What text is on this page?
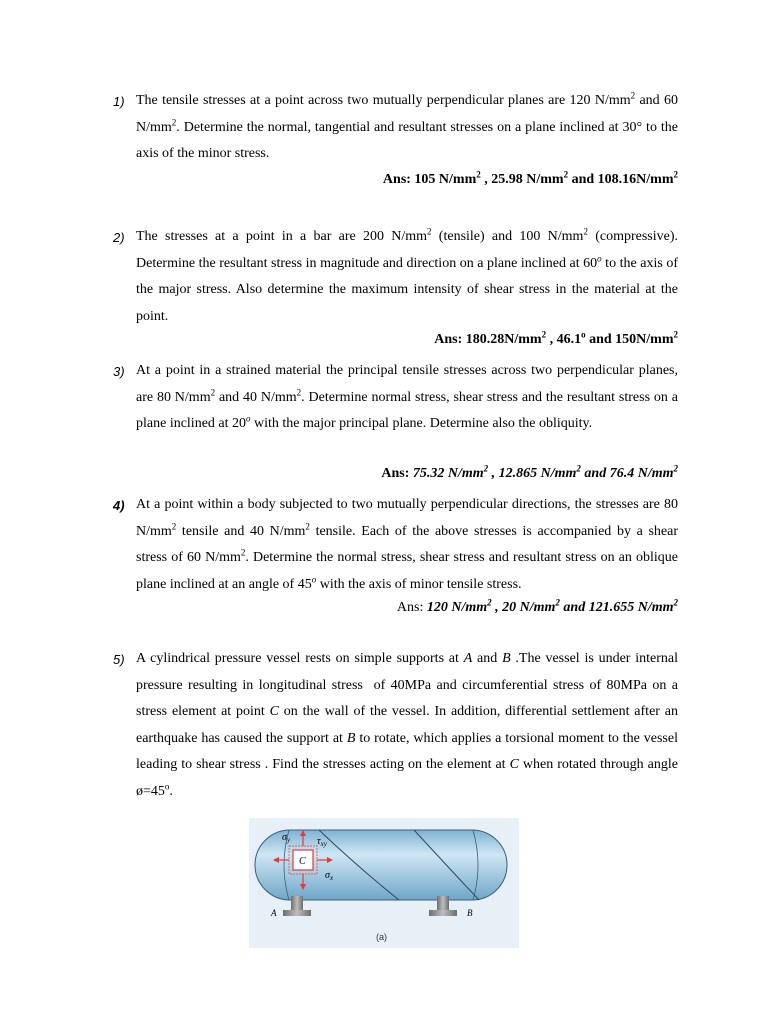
1) The tensile stresses at a point across two mutually perpendicular planes are 120 $N/mm^2$ and 60 $N/mm^2$. Determine the normal, tangential and resultant stresses on a plane inclined at 30° to the axis of the minor stress.
Ans: 105 $N/mm^2$ , 25.98 $N/mm^2$ and $108.16N/mm^2$
2) The stresses at a point in a bar are 200 $N/mm^2$ (tensile) and 100 $N/mm^2$ (compressive). Determine the resultant stress in magnitude and direction on a plane inclined at 60$^o$ to the axis of the major stress. Also determine the maximum intensity of shear stress in the material at the point.
Ans: $180.28N/mm^2$ , 46.1$^o$ and $150N/mm^2$
3) At a point in a strained material the principal tensile stresses across two perpendicular planes, are 80 $N/mm^2$ and 40 $N/mm^2$. Determine normal stress, shear stress and the resultant stress on a plane inclined at 20$^o$ with the major principal plane. Determine also the obliquity.
Ans: 75.32 $N/mm^2$ , 12.865 $N/mm^2$ and 76.4 $N/mm^2$
4) At a point within a body subjected to two mutually perpendicular directions, the stresses are 80 $N/mm^2$ tensile and 40 $N/mm^2$ tensile. Each of the above stresses is accompanied by a shear stress of 60 $N/mm^2$. Determine the normal stress, shear stress and resultant stress on an oblique plane inclined at an angle of 45$^o$ with the axis of minor tensile stress.
Ans: 120 $N/mm^2$ , 20 $N/mm^2$ and 121.655 $N/mm^2$
5) A cylindrical pressure vessel rests on simple supports at A and B .The vessel is under internal pressure resulting in longitudinal stress  of 40MPa and circumferential stress of 80MPa on a stress element at point C on the wall of the vessel. In addition, differential settlement after an earthquake has caused the support at B to rotate, which applies a torsional moment to the vessel leading to shear stress . Find the stresses acting on the element at C when rotated through angle $ø=45^o$.
$\sigma_y$	$\tau_{xy}$
C
$\sigma_x$
A	B
(a)
